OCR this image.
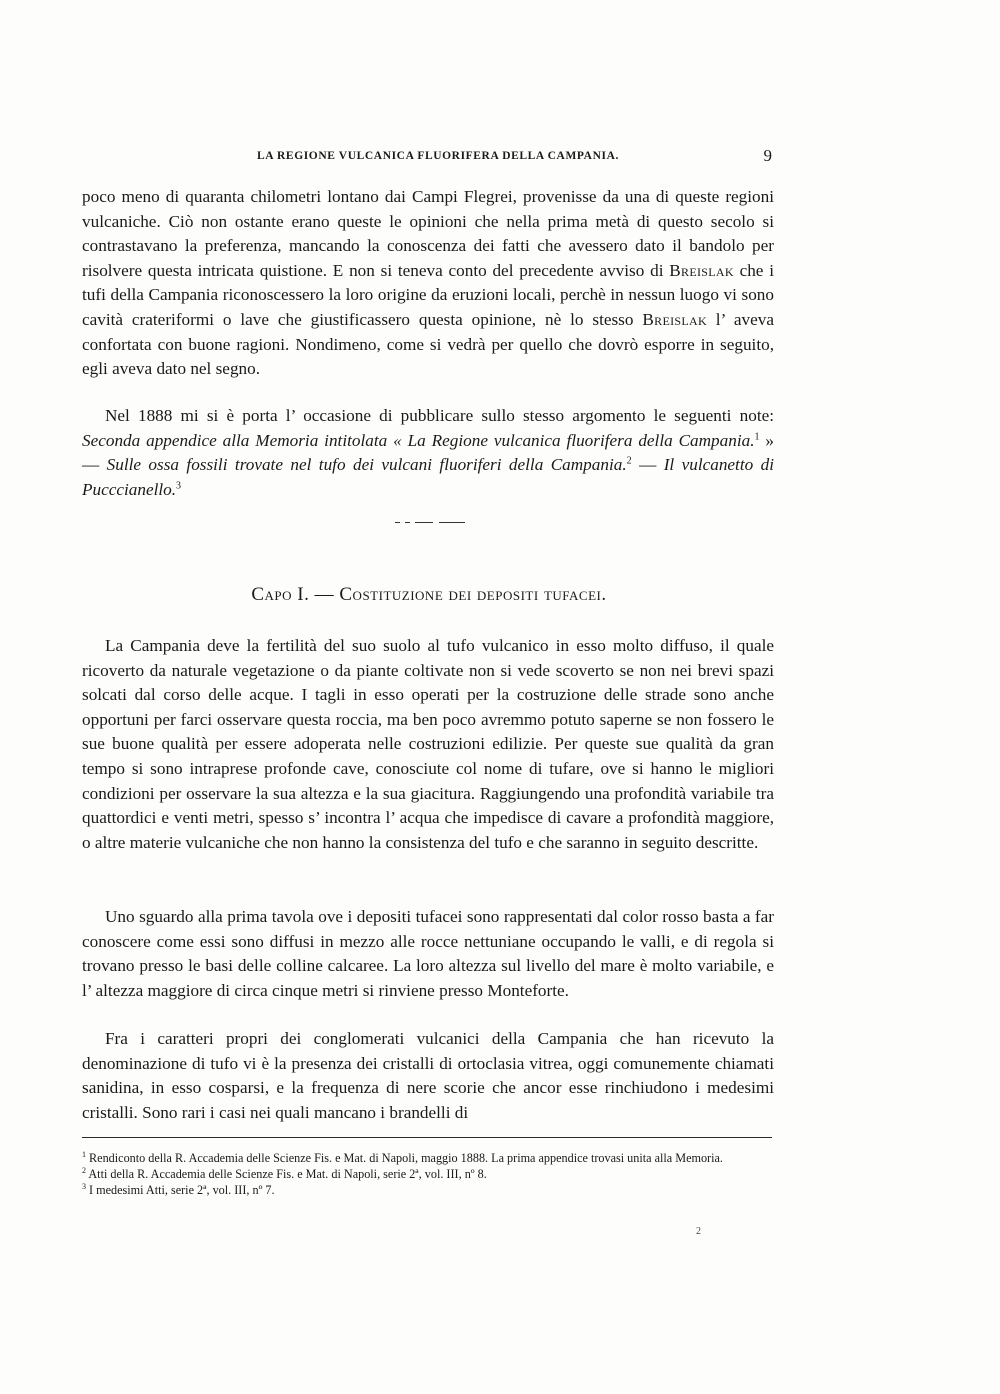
LA REGIONE VULCANICA FLUORIFERA DELLA CAMPANIA.	9

poco meno di quaranta chilometri lontano dai Campi Flegrei, provenisse da una di queste regioni vulcaniche. Ciò non ostante erano queste le opinioni che nella prima metà di questo secolo si contrastavano la preferenza, mancando la conoscenza dei fatti che avessero dato il bandolo per risolvere questa intricata quistione. E non si teneva conto del precedente avviso di Breislak che i tufi della Campania riconoscessero la loro origine da eruzioni locali, perchè in nessun luogo vi sono cavità crateriformi o lave che giustificassero questa opinione, nè lo stesso Breislak l’ aveva confortata con buone ragioni. Nondimeno, come si vedrà per quello che dovrò esporre in seguito, egli aveva dato nel segno.

Nel 1888 mi si è porta l’ occasione di pubblicare sullo stesso argomento le seguenti note: Seconda appendice alla Memoria intitolata « La Regione vulcanica fluorifera della Campania.$^1$ » — Sulle ossa fossili trovate nel tufo dei vulcani fluoriferi della Campania.$^2$ — Il vulcanetto di Pucccianello.$^3$

Capo I. — Costituzione dei depositi tufacei.

La Campania deve la fertilità del suo suolo al tufo vulcanico in esso molto diffuso, il quale ricoverto da naturale vegetazione o da piante coltivate non si vede scoverto se non nei brevi spazi solcati dal corso delle acque. I tagli in esso operati per la costruzione delle strade sono anche opportuni per farci osservare questa roccia, ma ben poco avremmo potuto saperne se non fossero le sue buone qualità per essere adoperata nelle costruzioni edilizie. Per queste sue qualità da gran tempo si sono intraprese profonde cave, conosciute col nome di tufare, ove si hanno le migliori condizioni per osservare la sua altezza e la sua giacitura. Raggiungendo una profondità variabile tra quattordici e venti metri, spesso s’ incontra l’ acqua che impedisce di cavare a profondità maggiore, o altre materie vulcaniche che non hanno la consistenza del tufo e che saranno in seguito descritte.

Uno sguardo alla prima tavola ove i depositi tufacei sono rappresentati dal color rosso basta a far conoscere come essi sono diffusi in mezzo alle rocce nettuniane occupando le valli, e di regola si trovano presso le basi delle colline calcaree. La loro altezza sul livello del mare è molto variabile, e l’ altezza maggiore di circa cinque metri si rinviene presso Monteforte.

Fra i caratteri propri dei conglomerati vulcanici della Campania che han ricevuto la denominazione di tufo vi è la presenza dei cristalli di ortoclasia vitrea, oggi comunemente chiamati sanidina, in esso cosparsi, e la frequenza di nere scorie che ancor esse rinchiudono i medesimi cristalli. Sono rari i casi nei quali mancano i brandelli di

$^1$ Rendiconto della R. Accademia delle Scienze Fis. e Mat. di Napoli, maggio 1888. La prima appendice trovasi unita alla Memoria.

$^2$ Atti della R. Accademia delle Scienze Fis. e Mat. di Napoli, serie 2ª, vol. III, nº 8.

$^3$ I medesimi Atti, serie 2ª, vol. III, nº 7.

2
